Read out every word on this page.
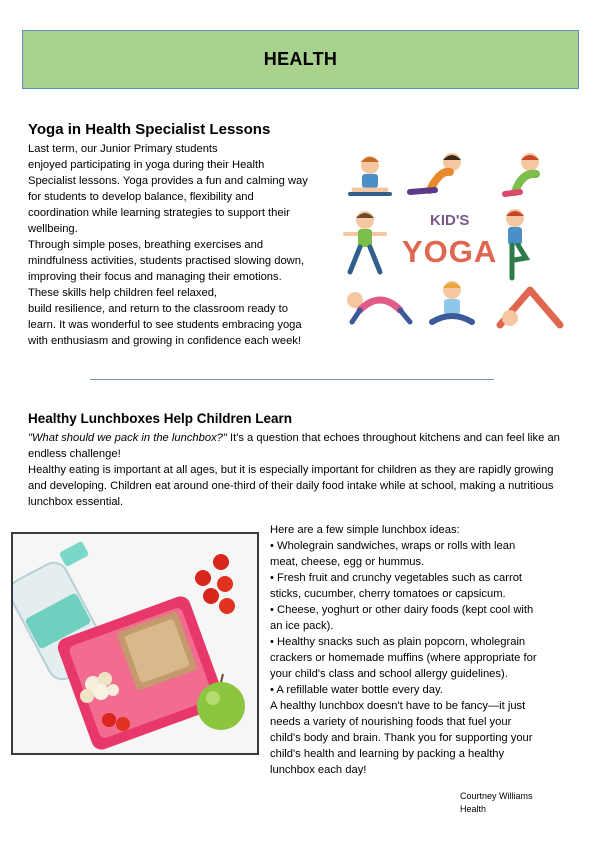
HEALTH
Yoga in Health Specialist Lessons
Last term, our Junior Primary students
enjoyed participating in yoga during their Health
Specialist lessons. Yoga provides a fun and calming way
for students to develop balance, flexibility and
coordination while learning strategies to support their
wellbeing.
Through simple poses, breathing exercises and
mindfulness activities, students practised slowing down,
improving their focus and managing their emotions.
These skills help children feel relaxed,
build resilience, and return to the classroom ready to
learn. It was wonderful to see students embracing yoga
with enthusiasm and growing in confidence each week!
KID'S
YOGA
Healthy Lunchboxes Help Children Learn

"What should we pack in the lunchbox?" It's a question that echoes throughout kitchens and can feel like an endless challenge!

Healthy eating is important at all ages, but it is especially important for children as they are rapidly growing and developing. Children eat around one-third of their daily food intake while at school, making a nutritious lunchbox essential.

Here are a few simple lunchbox ideas:
• Wholegrain sandwiches, wraps or rolls with lean
meat, cheese, egg or hummus.
• Fresh fruit and crunchy vegetables such as carrot
sticks, cucumber, cherry tomatoes or capsicum.
• Cheese, yoghurt or other dairy foods (kept cool with
an ice pack).
• Healthy snacks such as plain popcorn, wholegrain
crackers or homemade muffins (where appropriate for
your child's class and school allergy guidelines).
• A refillable water bottle every day.
A healthy lunchbox doesn't have to be fancy—it just
needs a variety of nourishing foods that fuel your
child's body and brain. Thank you for supporting your
child's health and learning by packing a healthy
lunchbox each day!
Courtney Williams
Health
